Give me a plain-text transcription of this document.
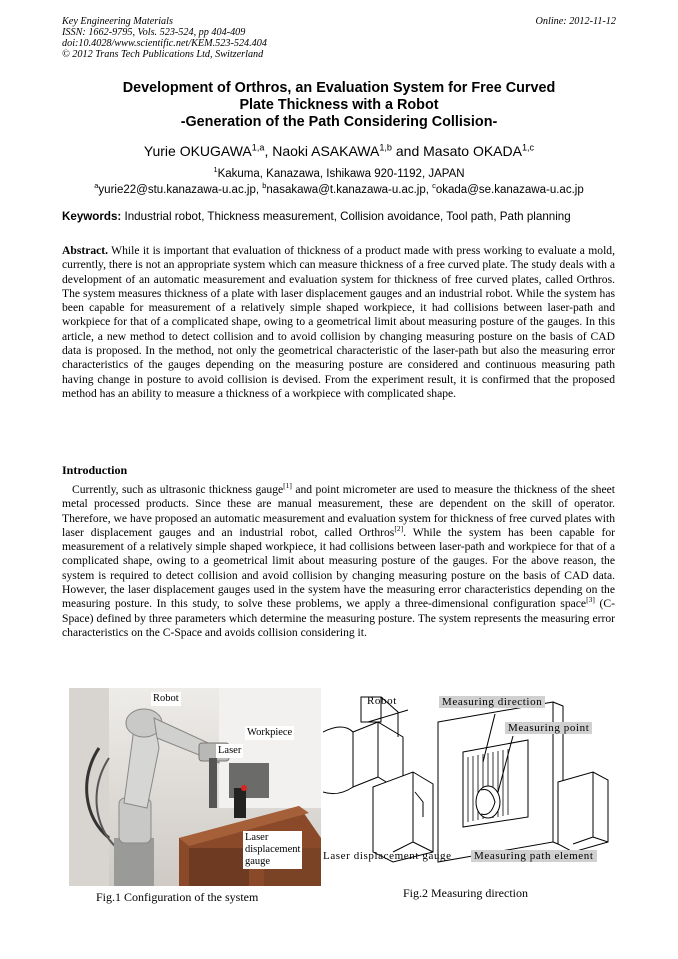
Key Engineering Materials
ISSN: 1662-9795, Vols. 523-524, pp 404-409
doi:10.4028/www.scientific.net/KEM.523-524.404
© 2012 Trans Tech Publications Ltd, Switzerland
Online: 2012-11-12
Development of Orthros, an Evaluation System for Free Curved
Plate Thickness with a Robot
-Generation of the Path Considering Collision-
Yurie OKUGAWA$^{1,a}$, Naoki ASAKAWA$^{1,b}$ and Masato OKADA$^{1,c}$
$^1$Kakuma, Kanazawa, Ishikawa 920-1192, JAPAN
$^a$yurie22@stu.kanazawa-u.ac.jp, $^b$nasakawa@t.kanazawa-u.ac.jp, $^c$okada@se.kanazawa-u.ac.jp
Keywords: Industrial robot, Thickness measurement, Collision avoidance, Tool path, Path planning
Abstract. While it is important that evaluation of thickness of a product made with press working to evaluate a mold, currently, there is not an appropriate system which can measure thickness of a free curved plate. The study deals with a development of an automatic measurement and evaluation system for thickness of free curved plates, called Orthros. The system measures thickness of a plate with laser displacement gauges and an industrial robot. While the system has been capable for measurement of a relatively simple shaped workpiece, it had collisions between laser-path and workpiece for that of a complicated shape, owing to a geometrical limit about measuring posture of the gauges. In this article, a new method to detect collision and to avoid collision by changing measuring posture on the basis of CAD data is proposed. In the method, not only the geometrical characteristic of the laser-path but also the measuring error characteristics of the gauges depending on the measuring posture are considered and continuous measuring path having change in posture to avoid collision is devised. From the experiment result, it is confirmed that the proposed method has an ability to measure a thickness of a workpiece with complicated shape.
Introduction
Currently, such as ultrasonic thickness gauge[1] and point micrometer are used to measure the thickness of the sheet metal processed products. Since these are manual measurement, these are dependent on the skill of operator. Therefore, we have proposed an automatic measurement and evaluation system for thickness of free curved plates with laser displacement gauges and an industrial robot, called Orthros[2]. While the system has been capable for measurement of a relatively simple shaped workpiece, it had collisions between laser-path and workpiece for that of a complicated shape, owing to a geometrical limit about measuring posture of the gauges. For the above reason, the system is required to detect collision and avoid collision by changing measuring posture on the basis of CAD data. However, the laser displacement gauges used in the system have the measuring error characteristics depending on the measuring posture. In this study, to solve these problems, we apply a three-dimensional configuration space[3] (C-Space) defined by three parameters which determine the measuring posture. The system represents the measuring error characteristics on the C-Space and avoids collision considering it.
Robot
Workpiece
Laser
Laser
displacement
gauge
Fig.1 Configuration of the system
Robot	Measuring direction
Measuring point
Laser displacement gauge Measuring path element
Fig.2 Measuring direction
